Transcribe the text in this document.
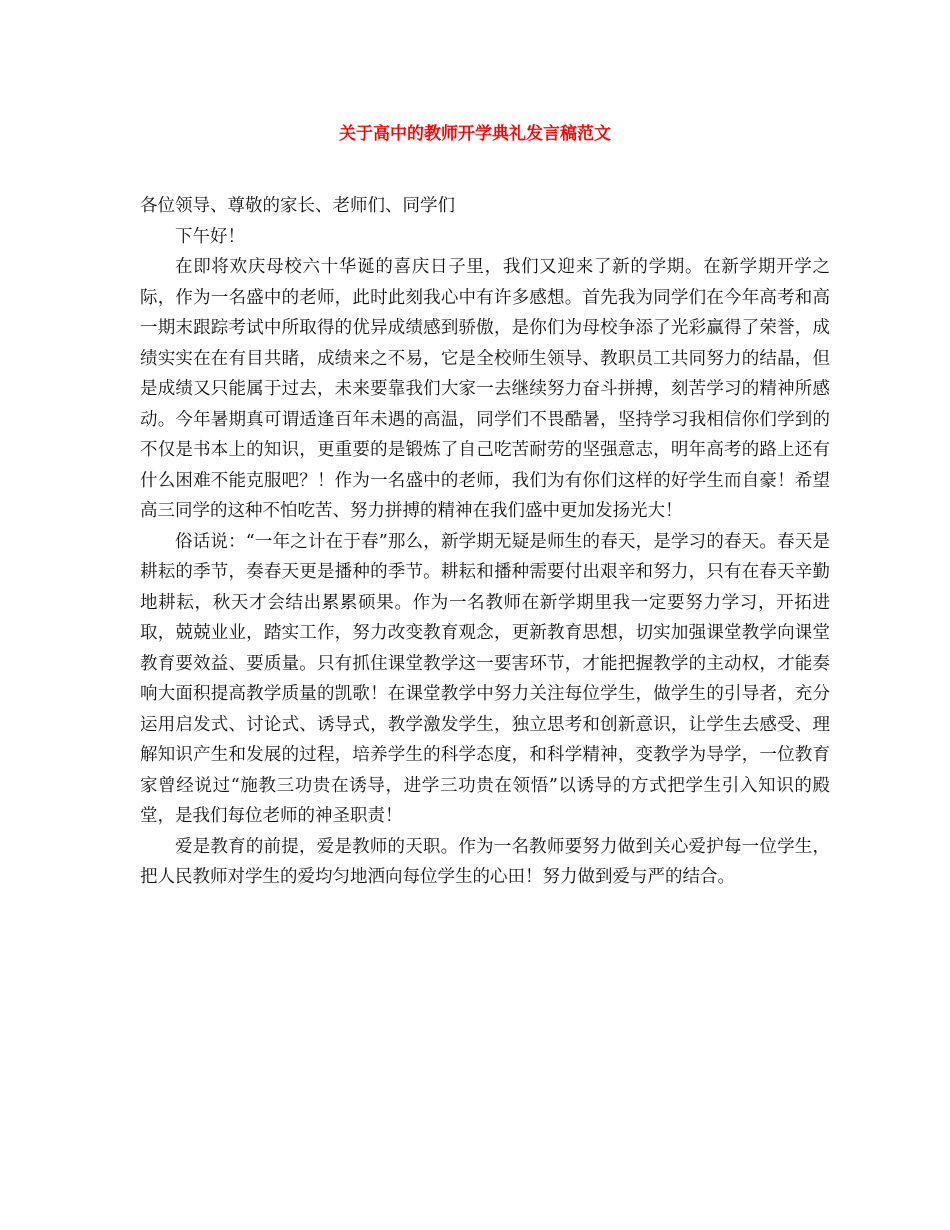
关于高中的教师开学典礼发言稿范文

各位领导、尊敬的家长、老师们、同学们

下午好！

在即将欢庆母校六十华诞的喜庆日子里，我们又迎来了新的学期。在新学期开学之际，作为一名盛中的老师，此时此刻我心中有许多感想。首先我为同学们在今年高考和高一期末跟踪考试中所取得的优异成绩感到骄傲，是你们为母校争添了光彩赢得了荣誉，成绩实实在在有目共睹，成绩来之不易，它是全校师生领导、教职员工共同努力的结晶，但是成绩又只能属于过去，未来要靠我们大家一去继续努力奋斗拼搏，刻苦学习的精神所感动。今年暑期真可谓适逢百年未遇的高温，同学们不畏酷暑，坚持学习我相信你们学到的不仅是书本上的知识，更重要的是锻炼了自己吃苦耐劳的坚强意志，明年高考的路上还有什么困难不能克服吧？！作为一名盛中的老师，我们为有你们这样的好学生而自豪！希望高三同学的这种不怕吃苦、努力拼搏的精神在我们盛中更加发扬光大！

俗话说：“一年之计在于春”那么，新学期无疑是师生的春天，是学习的春天。春天是耕耘的季节，奏春天更是播种的季节。耕耘和播种需要付出艰辛和努力，只有在春天辛勤地耕耘，秋天才会结出累累硕果。作为一名教师在新学期里我一定要努力学习，开拓进取，兢兢业业，踏实工作，努力改变教育观念，更新教育思想，切实加强课堂教学向课堂教育要效益、要质量。只有抓住课堂教学这一要害环节，才能把握教学的主动权，才能奏响大面积提高教学质量的凯歌！在课堂教学中努力关注每位学生，做学生的引导者，充分运用启发式、讨论式、诱导式，教学激发学生，独立思考和创新意识，让学生去感受、理解知识产生和发展的过程，培养学生的科学态度，和科学精神，变教学为导学，一位教育家曾经说过“施教三功贵在诱导，进学三功贵在领悟”以诱导的方式把学生引入知识的殿堂，是我们每位老师的神圣职责！

爱是教育的前提，爱是教师的天职。作为一名教师要努力做到关心爱护每一位学生，把人民教师对学生的爱均匀地洒向每位学生的心田！努力做到爱与严的结合。
